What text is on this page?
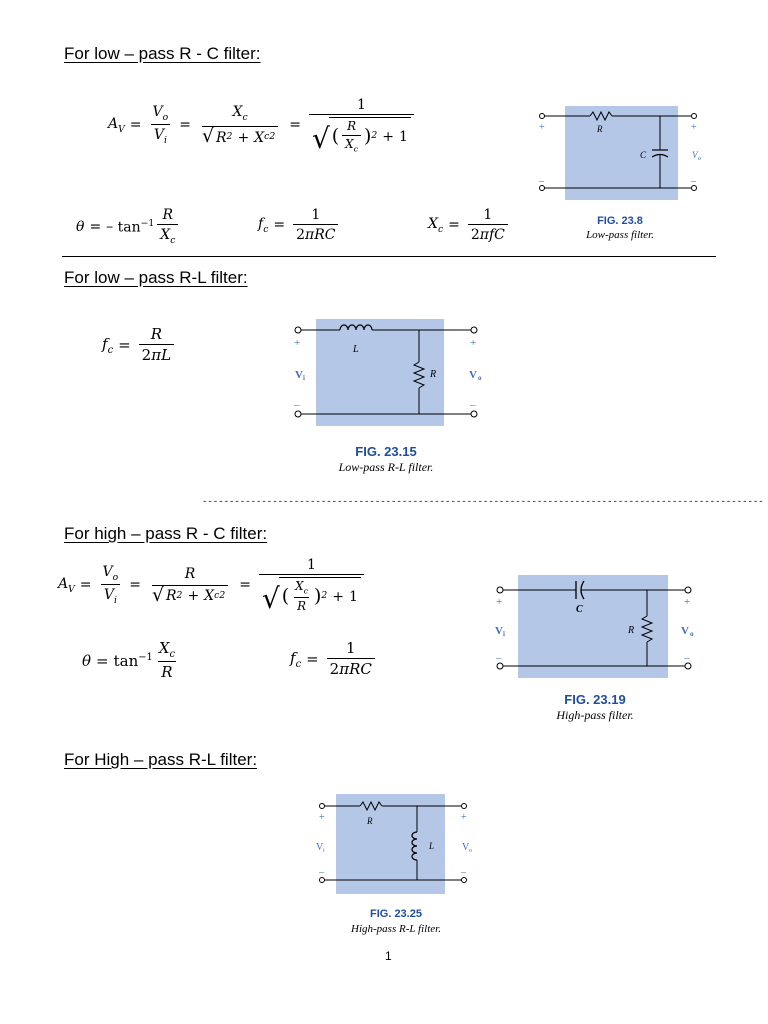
For low – pass R - C filter:
$A_V = \frac{V_o}{V_i}$ =
$X_c$
√ R 2 + X c 2
= $\frac{1}{√ ( \frac{R}{X_c} ) 2 + 1}$
θ = – $\tan^{-1} \frac{R}{X_c}$	$f_c = \frac{1}{\text{2πRC}}$	$X_c = \frac{1}{\text{2πfC}}$
R
C	V o
+	+
–	–
FIG. 23.8
Low-pass filter.
For low – pass R-L filter:
$f_c = \frac{R}{2\pi L}$	L
R
V i	V o
+	+
–	–
FIG. 23.15
Low-pass R-L filter.
--------------------------------------------------------------------------------------------------------
For high – pass R - C filter:
$A_V = \frac{V_o}{V_i}$ =
R
√ R 2 + X c 2
= $\frac{1}{√ ( \frac{X_c}{R} ) 2 + 1}$
$\theta = \tan^{-1} \frac{X_c}{R}$	$f_c = \frac{1}{\text{2πRC}}$
C
R
V i	V o
+	+
–	–
FIG. 23.19
High-pass filter.
For High – pass R-L filter:
R
L
V i	V o
+	+
–	–
FIG. 23.25
High-pass R-L filter.
1
